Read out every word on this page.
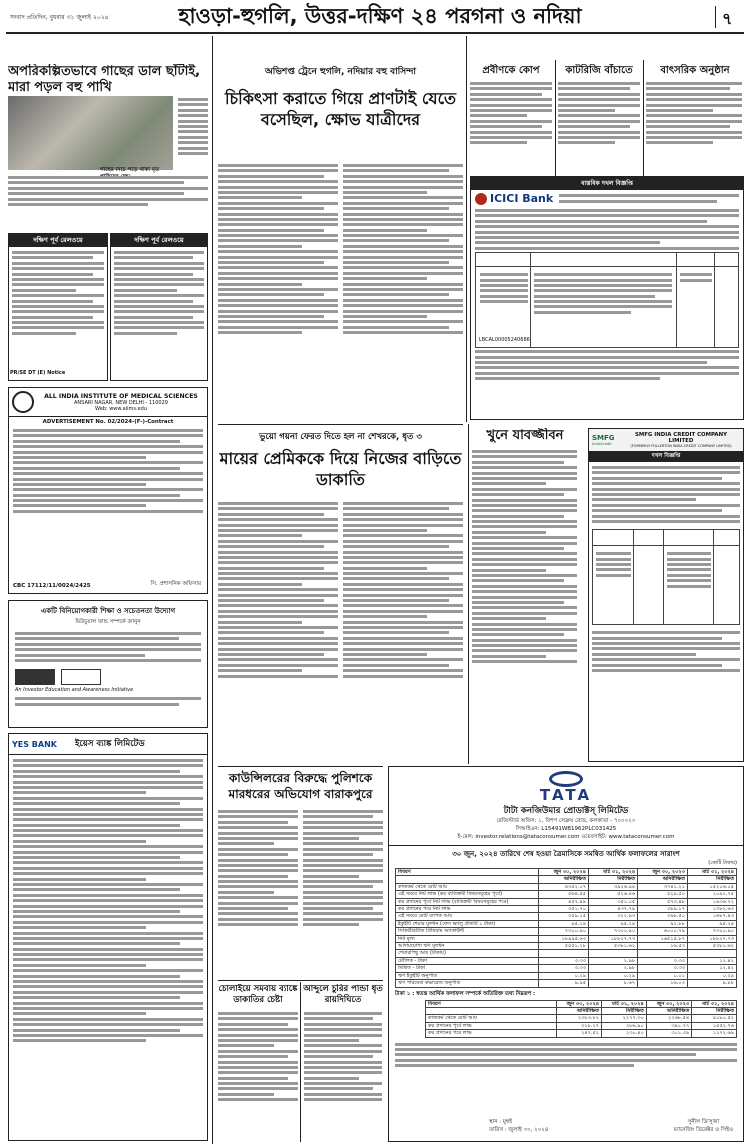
সংবাদ প্রতিদিন, বুধবার ৩১ জুলাই ২০২৪	হাওড়া-হুগলি, উত্তর-দক্ষিণ ২৪ পরগনা ও নদিয়া	৭
অপরিকল্পিতভাবে গাছের ডাল ছাঁটাই, মারা পড়ল বহু পাখি
গাছের নিচে পড়ে থাকা মৃত
দক্ষিণ পূর্ব রেলওয়ে	দক্ষিণ পূর্ব রেলওয়ে
PR/SE DT (E) Notice
ALL INDIA INSTITUTE OF MEDICAL SCIENCES
ANSARI NAGAR, NEW DELHI - 110029
Web: www.aiims.edu
ADVERTISEMENT No. 02/2024-(F-)-Contract
CBC 17112/11/0024/2425	সি. প্রশাসনিক অফিসার
একটি বিনিয়োগকারী শিক্ষা ও সচেতনতা উদ্যোগ
মিউচুয়াল ফান্ড সম্পর্কে জানুন
An Investor Education and Awareness Initiative
YES BANK ইয়েস ব্যাঙ্ক লিমিটেড
অভিশপ্ত ট্রেনে হুগলি, নদিয়ার বহু বাসিন্দা
চিকিৎসা করাতে গিয়ে প্রাণটাই যেতে বসেছিল, ক্ষোভ যাত্রীদের
ভুয়ো গয়না ফেরত দিতে হল না শেখরকে, ধৃত ৩
মায়ের প্রেমিককে দিয়ে নিজের বাড়িতে ডাকাতি
খুনে যাবজ্জীবন
কাউন্সিলরের বিরুদ্ধে পুলিশকে মারধরের অভিযোগ বারাকপুরে
চোলাইয়ে সমবায় ব্যাঙ্কে ডাকাতির চেষ্টা
আব্দুলে চুরির পান্ডা ধৃত রায়দিঘিতে
প্রবীণকে কোপ	কাটরিজি বাঁচাতে	বাৎসরিক অনুষ্ঠান
বাস্তবিক দখল বিজ্ঞপ্তি
ICICI Bank
LBCAL00005240686
SMFG
IndiaCredit
SMFG INDIA CREDIT COMPANY LIMITED
(FORMERLY FULLERTON INDIA CREDIT COMPANY LIMITED)
দখল বিজ্ঞপ্তি
TATA
টাটা কনজিউমার প্রোডাক্টস্ লিমিটেড
রেজিস্টার্ড অফিস: ১, বিশপ লেফ্রয় রোড, কলকাতা - ৭০০০২০
সিআইএন: L15491WB1962PLC031425
ই-মেল: investor.relations@tataconsumer.com ওয়েবসাইট: www.tataconsumer.com
৩০ জুন, ২০২৪ তারিখে শেষ হওয়া ত্রৈমাসিকে সমন্বিত আর্থিক ফলাফলের সারাংশ
(কোটি টাকায়)
বিবরণ	জুন ৩০, ২০২৪	মার্চ ৩১, ২০২৪	জুন ৩০, ২০২৩	মার্চ ৩১, ২০২৪
	অনিরীক্ষিত	নিরীক্ষিত	অনিরীক্ষিত	নিরীক্ষিত
কাজকর্ম থেকে মোট আয়	৪৩৫২.০৭	৩৯২৬.৯৪	৩৭৪১.২১	১৫২০৬.০৫
এই সময়ে নিট লাভ (কর ব্যতিক্রমী বিষয়সমূহের পূর্বে)	৫৬৪.৫৫	৫২৬.৪৬	৫২৯.৫০	২০৯২.৭৫
কর প্রদানের পূর্বে নিট লাভ (ব্যতিক্রমী বিষয়সমূহের পরে)	৪৫৭.৪৯	৩৫১.০৫	৫৭৩.৪৮	১৯৩৬.৭২
কর প্রদানের পরে নিট লাভ	৩৫১.৭০	৪৩৭.৭৯	৩৮৯.১৭	১৩৮২.৬৩
এই সময়ে মোট ব্যাপক আয়	৩৫৯.১৫	৩২২.৯৩	৩৯৮.৫০	১৬৮৭.৪৩
ইকুইটি শেয়ার মূলধন (ফেস ভ্যালু প্রতিটি ১ টাকা)	৯৫.২৪	৯৫.২৪	৯২.৮৮	৯৫.২৪
সিকিউরিটিজ প্রিমিয়াম অ্যাকাউন্ট	৭৩০০.৯০	৭৩০০.৯০	৬০০০.৭৯	৭৩০০.৯০
নিট মূল্য	১৮৯৯৫.৬৩	১৮৮২৭.৭৩	১৬৫১৫.৮৭	১৮৮২৭.৭৩
আদায়যোগ্য ঋণ মূলধন	৫৫৫১.২৮	৫৩৮১.৬২	১৬.৫৩	৫৩৮১.৬২
শেয়ারপিছু আয় (টাকায়)				
মৌলিক - টাকা	৩.৩৩	২.৯৮	৩.৩৩	১২.৪২
মিশ্রিত - টাকা	৩.৩৩	২.৯৮	৩.৩৩	১২.৪২
ঋণ ইকুইটি অনুপাত	০.২৯	০.২৯	০.০১	০.২৯
ঋণ পরিষেবা কভারেজ অনুপাত	৯.৯৫	৮.৬৭	১৬.০৩	৯.৮৮
টাকা ১ : স্বতন্ত্র আর্থিক ফলাফল সম্পর্কে অতিরিক্ত তথ্য নিম্নরূপ :
বিবরণ	জুন ৩০, ২০২৪	মার্চ ৩১, ২০২৪	জুন ৩০, ২০২৩	মার্চ ৩১, ২০২৪
	অনিরীক্ষিত	নিরীক্ষিত	অনিরীক্ষিত	নিরীক্ষিত
কাজকর্ম থেকে মোট আয়	২৩৮৩.৮২	২২৭৭.৩০	২২৬৮.৫৪	৯১৮০.৫২
কর প্রদানের পূর্বে লাভ	৩১৮.২৭	২৮৬.৯০	৩৯১.৭৭	১৫৫২.৭৬
কর প্রদানের পরে লাভ	২৪৭.৫২	২৩০.৪০	৩০১.৩৯	১১৭২.৬৯
স্থান : মুম্বই
তারিখ : জুলাই ৩০, ২০২৪
সুনীল ডি'সুজা
ম্যানেজিং ডিরেক্টর ও সিইও
